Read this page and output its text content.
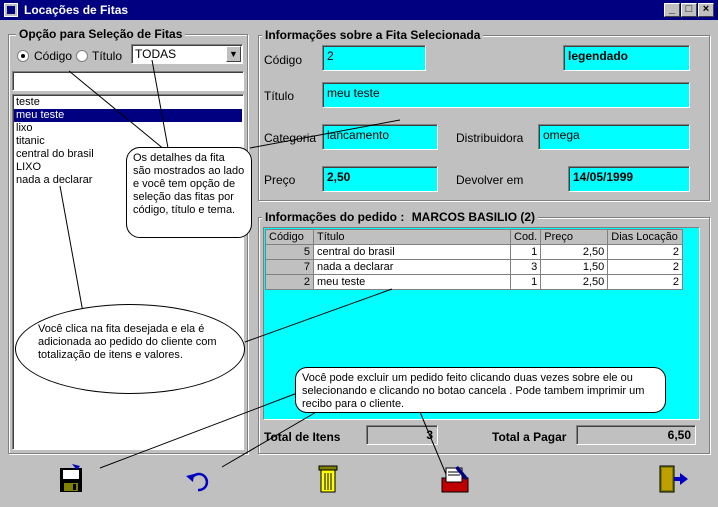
Locações de Fitas	_ □ ×
Opção para Seleção de Fitas
Código Título TODAS	▼
teste
meu teste
lixo
titanic
central do brasil
LIXO
nada a declarar
Informações sobre a Fita Selecionada
Código	2	legendado
Título	meu teste
Categoria lancamento	Distribuidora	omega
Preço	2,50	Devolver em	14/05/1999
Informações do pedido : MARCOS BASILIO (2)
Código	Título	Cod.	Preço	Dias Locação
5	central do brasil	1	2,50	2
7	nada a declarar	3	1,50	2
2	meu teste	1	2,50	2
Total de Itens	3	Total a Pagar	6,50
Os detalhes da fita são mostrados ao lado e você tem opção de seleção das fitas por código, título e tema.
Você clica na fita desejada e ela é adicionada ao pedido do cliente com totalização de itens e valores.
Você pode excluir um pedido feito clicando duas vezes sobre ele ou selecionando e clicando no botao cancela . Pode tambem imprimir um recibo para o cliente.
